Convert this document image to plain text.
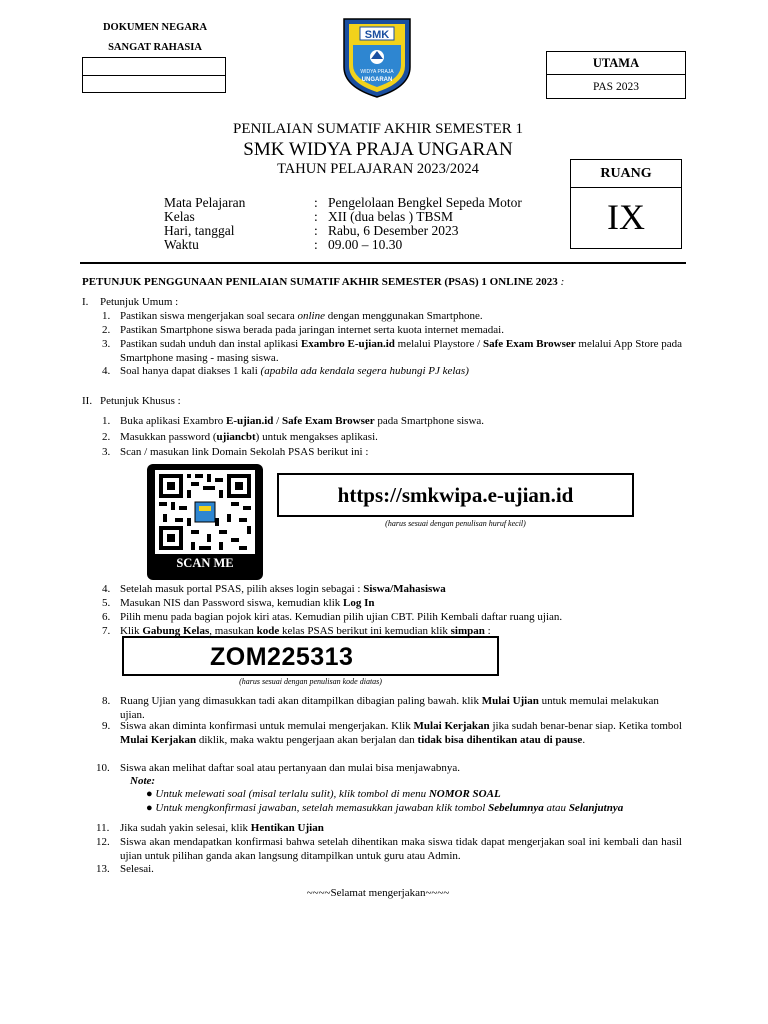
DOKUMEN NEGARA
SANGAT RAHASIA
SMK
WIDYA PRAJA
UNGARAN
UTAMA
PAS 2023
PENILAIAN SUMATIF AKHIR SEMESTER 1
SMK WIDYA PRAJA UNGARAN
TAHUN PELAJARAN 2023/2024	RUANG
IX
Mata Pelajaran	:	Pengelolaan Bengkel Sepeda Motor
Kelas	:	XII (dua belas ) TBSM
Hari, tanggal	:	Rabu, 6 Desember 2023
Waktu	:	09.00 – 10.30
PETUNJUK PENGGUNAAN PENILAIAN SUMATIF AKHIR SEMESTER (PSAS) 1 ONLINE 2023 :
I. Petunjuk Umum :
1. Pastikan siswa mengerjakan soal secara online dengan menggunakan Smartphone.
2. Pastikan Smartphone siswa berada pada jaringan internet serta kuota internet memadai.
3. Pastikan sudah unduh dan instal aplikasi Exambro E-ujian.id melalui Playstore / Safe Exam Browser melalui App Store pada Smartphone masing - masing siswa.
4. Soal hanya dapat diakses 1 kali (apabila ada kendala segera hubungi PJ kelas)
II. Petunjuk Khusus :
1. Buka aplikasi Exambro E-ujian.id / Safe Exam Browser pada Smartphone siswa.
2. Masukkan password (ujiancbt) untuk mengakses aplikasi.
3. Scan / masukan link Domain Sekolah PSAS berikut ini :
SCAN ME
https://smkwipa.e-ujian.id
(harus sesuai dengan penulisan huruf kecil)
4. Setelah masuk portal PSAS, pilih akses login sebagai : Siswa/Mahasiswa
5. Masukan NIS dan Password siswa, kemudian klik Log In
6. Pilih menu pada bagian pojok kiri atas. Kemudian pilih ujian CBT. Pilih Kembali daftar ruang ujian.
7. Klik Gabung Kelas, masukan kode kelas PSAS berikut ini kemudian klik simpan :
ZOM225313
(harus sesuai dengan penulisan kode diatas)
8. Ruang Ujian yang dimasukkan tadi akan ditampilkan dibagian paling bawah. klik Mulai Ujian untuk memulai melakukan ujian.
9. Siswa akan diminta konfirmasi untuk memulai mengerjakan. Klik Mulai Kerjakan jika sudah benar-benar siap. Ketika tombol Mulai Kerjakan diklik, maka waktu pengerjaan akan berjalan dan tidak bisa dihentikan atau di pause.
10. Siswa akan melihat daftar soal atau pertanyaan dan mulai bisa menjawabnya.
Note:
● Untuk melewati soal (misal terlalu sulit), klik tombol di menu NOMOR SOAL
● Untuk mengkonfirmasi jawaban, setelah memasukkan jawaban klik tombol Sebelumnya atau Selanjutnya
11. Jika sudah yakin selesai, klik Hentikan Ujian
12. Siswa akan mendapatkan konfirmasi bahwa setelah dihentikan maka siswa tidak dapat mengerjakan soal ini kembali dan hasil ujian untuk pilihan ganda akan langsung ditampilkan untuk guru atau Admin.
13. Selesai.
~~~~Selamat mengerjakan~~~~
